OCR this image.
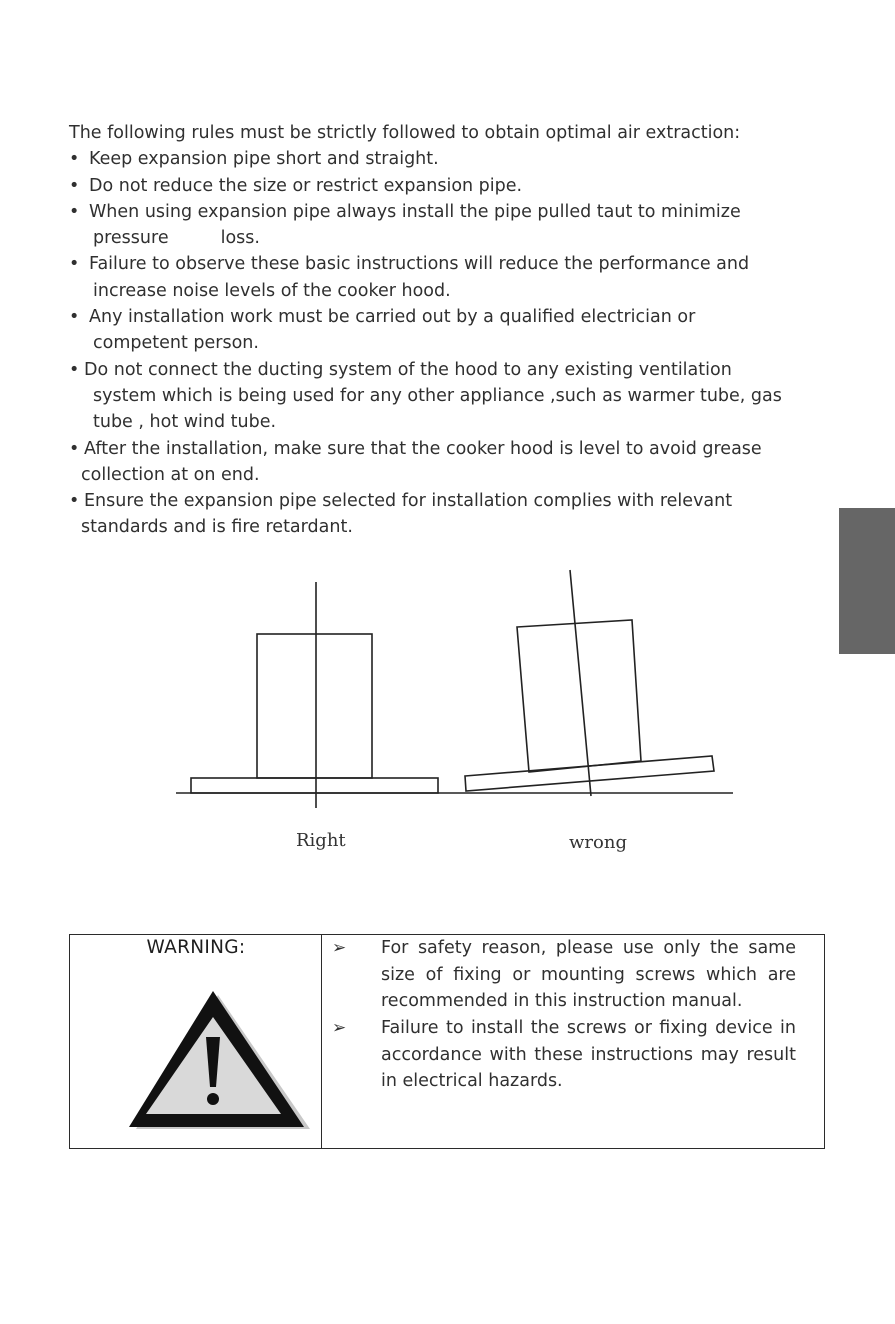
The following rules must be strictly followed to obtain optimal air extraction:
• Keep expansion pipe short and straight.
• Do not reduce the size or restrict expansion pipe.
• When using expansion pipe always install the pipe pulled taut to minimize
pressure	loss.
• Failure to observe these basic instructions will reduce the performance and
increase noise levels of the cooker hood.
• Any installation work must be carried out by a qualified electrician or
competent person.
• Do not connect the ducting system of the hood to any existing ventilation
system which is being used for any other appliance ,such as warmer tube, gas
tube , hot wind tube.
• After the installation, make sure that the cooker hood is level to avoid grease
collection at on end.
• Ensure the expansion pipe selected for installation complies with relevant
standards and is fire retardant.
Right	wrong
WARNING:	➢ For safety reason, please use only the same size of fixing or mounting screws which are recommended in this instruction manual.
➢ Failure to install the screws or fixing device in accordance with these instructions may result in electrical hazards.
